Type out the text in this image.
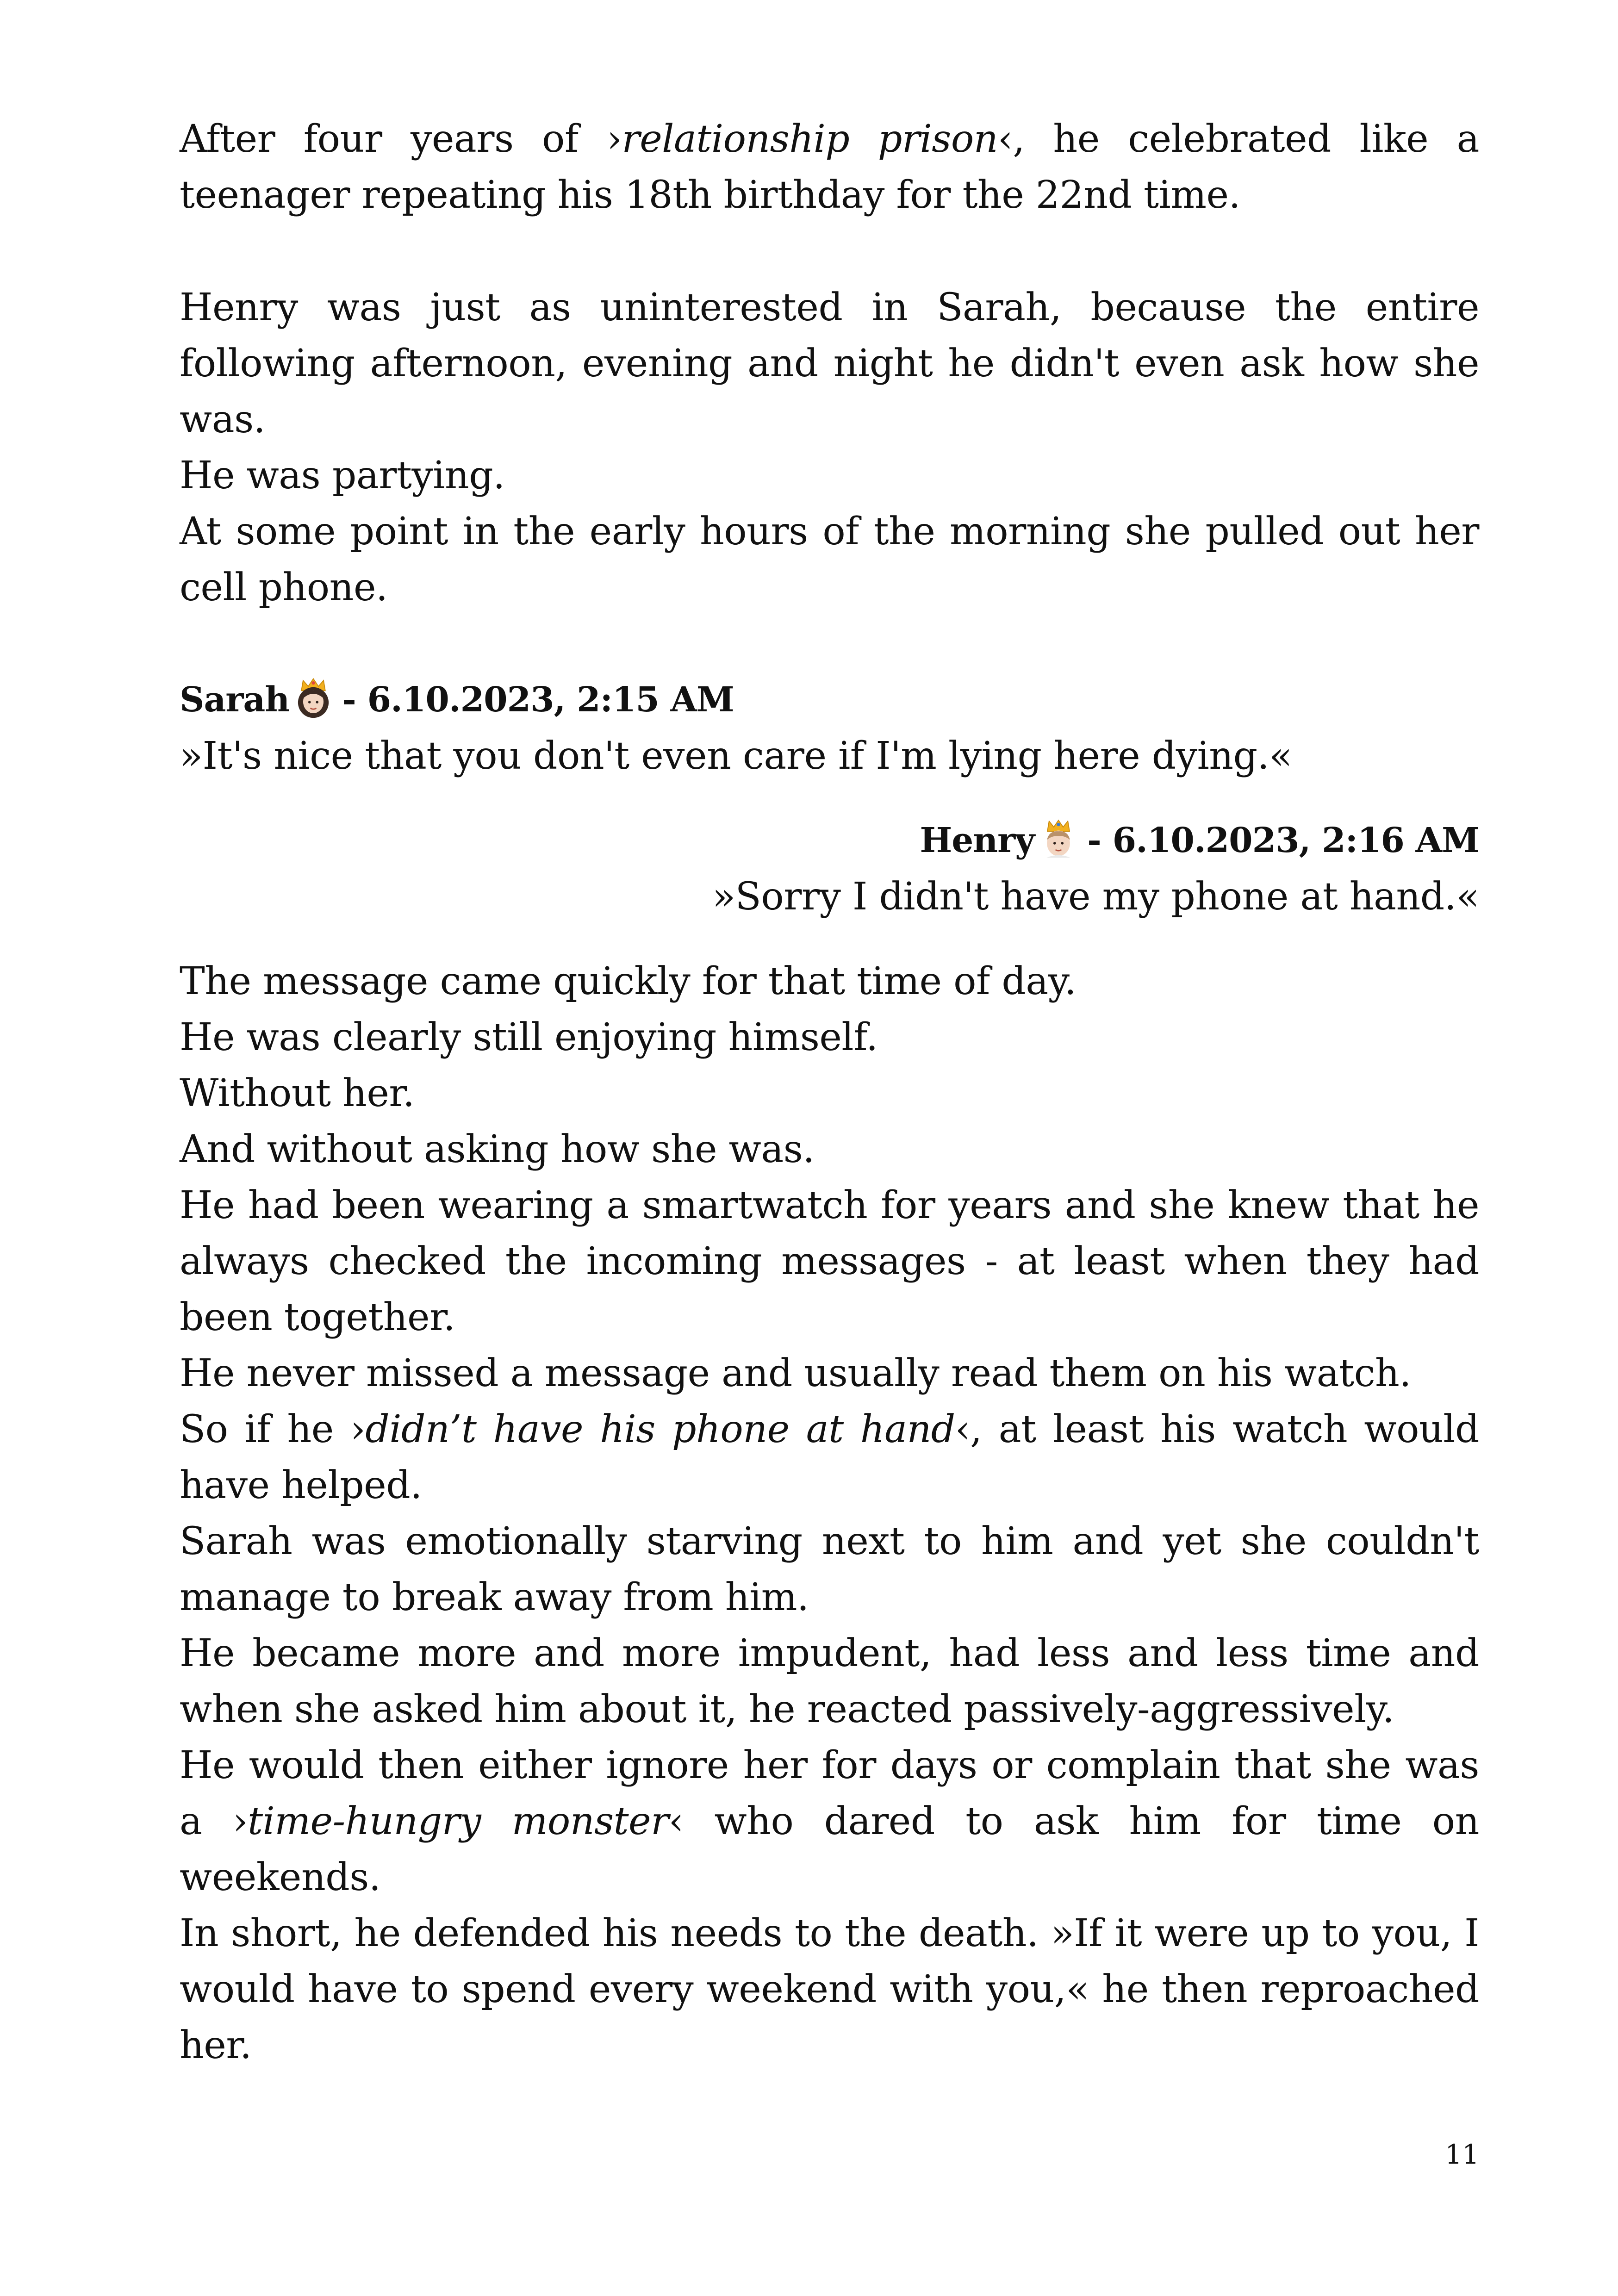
After four years of ›relationship prison‹, he celebrated like a teenager repeating his 18th birthday for the 22nd time.

Henry was just as uninterested in Sarah, because the entire following afternoon, evening and night he didn't even ask how she was.

He was partying.

At some point in the early hours of the morning she pulled out her cell phone.

Sarah - 6.10.2023, 2:15 AM

»It's nice that you don't even care if I'm lying here dying.«

Henry - 6.10.2023, 2:16 AM

»Sorry I didn't have my phone at hand.«

The message came quickly for that time of day.

He was clearly still enjoying himself.

Without her.

And without asking how she was.

He had been wearing a smartwatch for years and she knew that he always checked the incoming messages - at least when they had been together.

He never missed a message and usually read them on his watch.

So if he ›didn’t have his phone at hand‹, at least his watch would have helped.

Sarah was emotionally starving next to him and yet she couldn't manage to break away from him.

He became more and more impudent, had less and less time and when she asked him about it, he reacted passively-aggressively.

He would then either ignore her for days or complain that she was a ›time-hungry monster‹ who dared to ask him for time on weekends.

In short, he defended his needs to the death. »If it were up to you, I would have to spend every weekend with you,« he then reproached her.

11
